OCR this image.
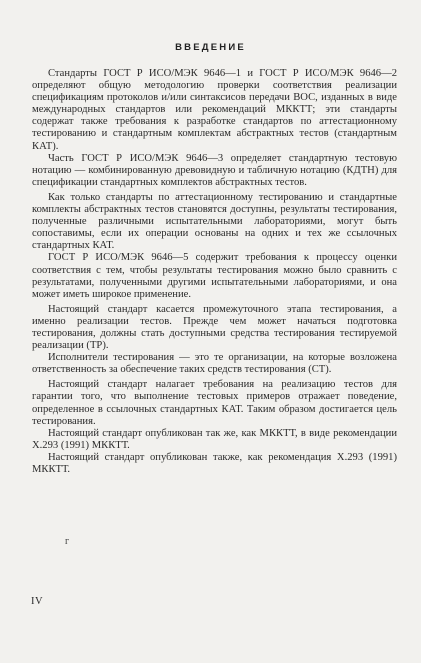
ВВЕДЕНИЕ

Стандарты ГОСТ Р ИСО/МЭК 9646—1 и ГОСТ Р ИСО/МЭК 9646—2 определяют общую методологию проверки соответствия реализации спецификациям протоколов и/или синтаксисов передачи ВОС, изданных в виде международных стандартов или рекомендаций МККТТ; эти стандарты содержат также требования к разработке стандартов по аттестационному тестированию и стандартным комплектам абстрактных тестов (стандартным КАТ).

Часть ГОСТ Р ИСО/МЭК 9646—3 определяет стандартную тестовую нотацию — комбинированную древовидную и табличную нотацию (КДТН) для спецификации стандартных комплектов абстрактных тестов.

Как только стандарты по аттестационному тестированию и стандартные комплекты абстрактных тестов становятся доступны, результаты тестирования, полученные различными испытательными лабораториями, могут быть сопоставимы, если их операции основаны на одних и тех же ссылочных стандартных КАТ.

ГОСТ Р ИСО/МЭК 9646—5 содержит требования к процессу оценки соответствия с тем, чтобы результаты тестирования можно было сравнить с результатами, полученными другими испытательными лабораториями, и она может иметь широкое применение.

Настоящий стандарт касается промежуточного этапа тестирования, а именно реализации тестов. Прежде чем может начаться подготовка тестирования, должны стать доступными средства тестирования тестируемой реализации (ТР).

Исполнители тестирования — это те организации, на которые возложена ответственность за обеспечение таких средств тестирования (СТ).

Настоящий стандарт налагает требования на реализацию тестов для гарантии того, что выполнение тестовых примеров отражает поведение, определенное в ссылочных стандартных КАТ. Таким образом достигается цель тестирования.

Настоящий стандарт опубликован так же, как МККТТ, в виде рекомендации Х.293 (1991) МККТТ.

Настоящий стандарт опубликован также, как рекомендация Х.293 (1991) МККТТ.

г
IV
